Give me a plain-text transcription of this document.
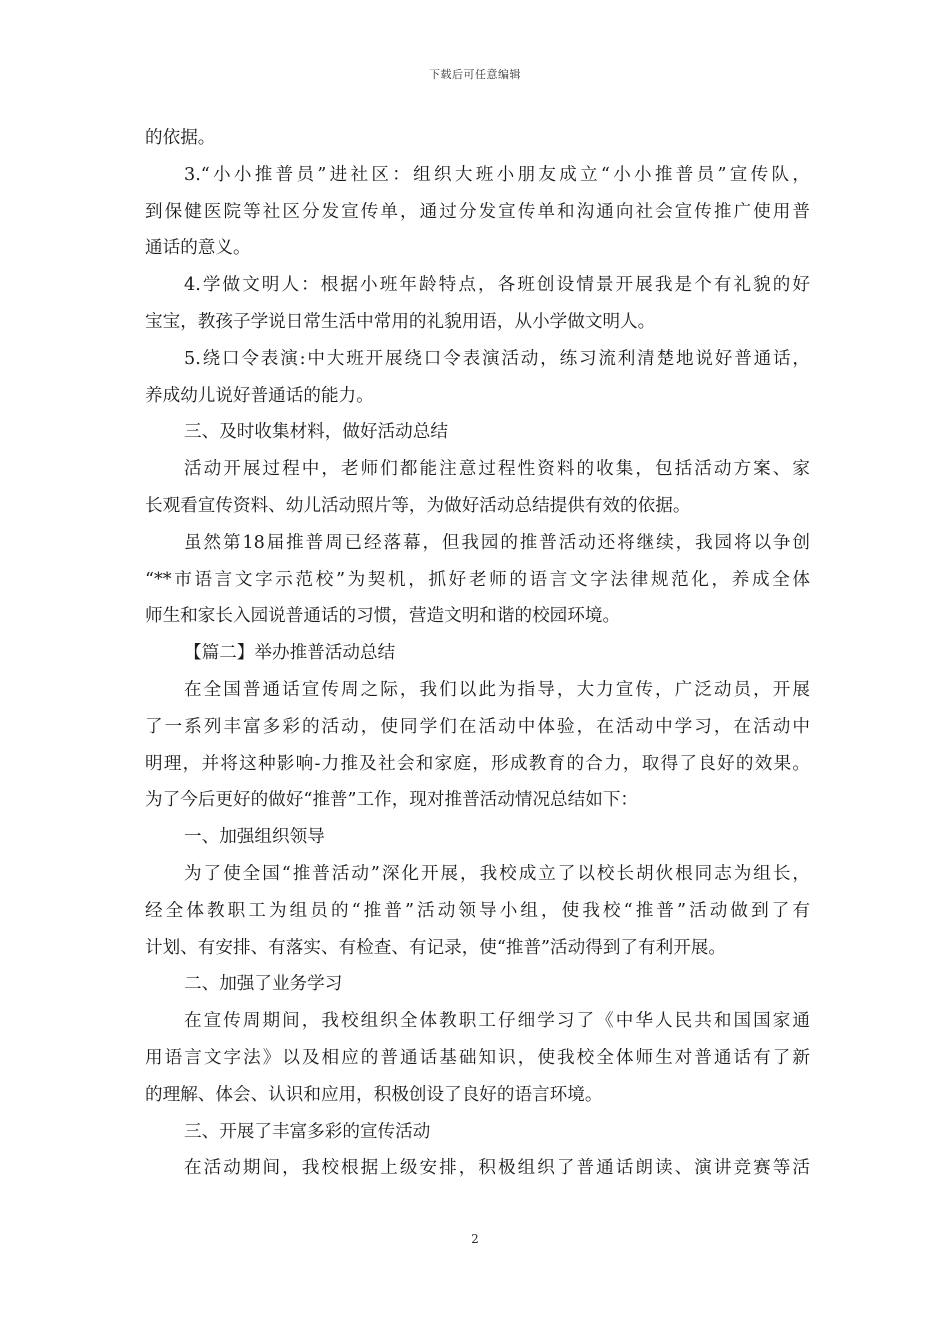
下载后可任意编辑
的依据。
3.“小小推普员”进社区：组织大班小朋友成立“小小推普员”宣传队，
到保健医院等社区分发宣传单，通过分发宣传单和沟通向社会宣传推广使用普
通话的意义。
4.学做文明人：根据小班年龄特点，各班创设情景开展我是个有礼貌的好
宝宝，教孩子学说日常生活中常用的礼貌用语，从小学做文明人。
5.绕口令表演:中大班开展绕口令表演活动，练习流利清楚地说好普通话，
养成幼儿说好普通话的能力。
三、及时收集材料，做好活动总结
活动开展过程中，老师们都能注意过程性资料的收集，包括活动方案、家
长观看宣传资料、幼儿活动照片等，为做好活动总结提供有效的依据。
虽然第18届推普周已经落幕，但我园的推普活动还将继续，我园将以争创
“**市语言文字示范校”为契机，抓好老师的语言文字法律规范化，养成全体
师生和家长入园说普通话的习惯，营造文明和谐的校园环境。
【篇二】举办推普活动总结
在全国普通话宣传周之际，我们以此为指导，大力宣传，广泛动员，开展
了一系列丰富多彩的活动，使同学们在活动中体验，在活动中学习，在活动中
明理，并将这种影响-力推及社会和家庭，形成教育的合力，取得了良好的效果。
为了今后更好的做好“推普”工作，现对推普活动情况总结如下：
一、加强组织领导
为了使全国“推普活动”深化开展，我校成立了以校长胡伙根同志为组长，
经全体教职工为组员的“推普”活动领导小组，使我校“推普”活动做到了有
计划、有安排、有落实、有检查、有记录，使“推普”活动得到了有利开展。
二、加强了业务学习
在宣传周期间，我校组织全体教职工仔细学习了《中华人民共和国国家通
用语言文字法》以及相应的普通话基础知识，使我校全体师生对普通话有了新
的理解、体会、认识和应用，积极创设了良好的语言环境。
三、开展了丰富多彩的宣传活动
在活动期间，我校根据上级安排，积极组织了普通话朗读、演讲竞赛等活
2
